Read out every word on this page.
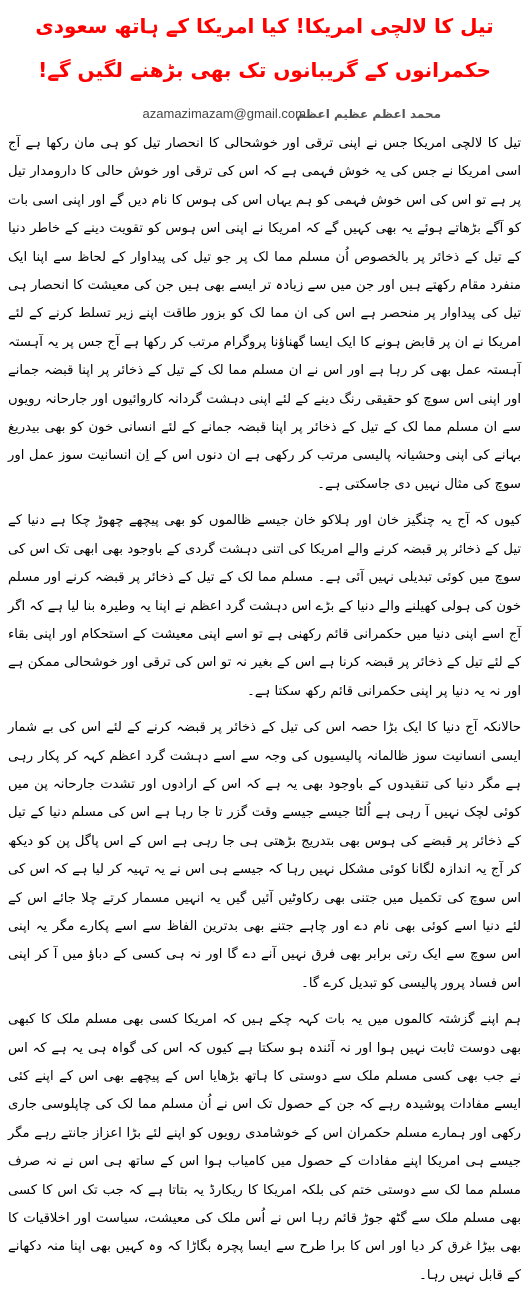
تیل کا لالچی امریکا! کیا امریکا کے ہاتھ سعودی حکمرانوں کے گریبانوں تک بھی بڑھنے لگیں گے!
محمد اعظم عظیم اعظم
azamazimazam@gmail.com

تیل کا لالچی امریکا جس نے اپنی ترقی اور خوشحالی کا انحصار تیل کو ہی مان رکھا ہے آج اسی امریکا نے جس کی یہ خوش فہمی ہے کہ اس کی ترقی اور خوش حالی کا دارومدار تیل پر ہے تو اس کی اس خوش فہمی کو ہم یہاں اس کی ہوس کا نام دیں گے اور اپنی اسی بات کو آگے بڑھاتے ہوئے یہ بھی کہیں گے کہ امریکا نے اپنی اس ہوس کو تقویت دینے کے خاطر دنیا کے تیل کے ذخائر پر بالخصوص اُن مسلم مما لک پر جو تیل کی پیداوار کے لحاظ سے اپنا ایک منفرد مقام رکھتے ہیں اور جن میں سے زیادہ تر ایسے بھی ہیں جن کی معیشت کا انحصار ہی تیل کی پیداوار پر منحصر ہے اس کی ان مما لک کو بزور طاقت اپنے زیر تسلط کرنے کے لئے امریکا نے ان پر قابض ہونے کا ایک ایسا گھناؤنا پروگرام مرتب کر رکھا ہے آج جس پر یہ آہستہ آہستہ عمل بھی کر رہا ہے اور اس نے ان مسلم مما لک کے تیل کے ذخائر پر اپنا قبضہ جمانے اور اپنی اس سوچ کو حقیقی رنگ دینے کے لئے اپنی دہشت گردانہ کاروائیوں اور جارحانہ رویوں سے ان مسلم مما لک کے تیل کے ذخائر پر اپنا قبضہ جمانے کے لئے انسانی خون کو بھی بیدریغ بہانے کی اپنی وحشیانہ پالیسی مرتب کر رکھی ہے ان دنوں اس کے اِن انسانیت سوز عمل اور سوچ کی مثال نہیں دی جاسکتی ہے۔

کیوں کہ آج یہ چنگیز خان اور ہلاکو خان جیسے ظالموں کو بھی پیچھے چھوڑ چکا ہے دنیا کے تیل کے ذخائر پر قبضہ کرنے والے امریکا کی اتنی دہشت گردی کے باوجود بھی ابھی تک اس کی سوچ میں کوئی تبدیلی نہیں آئی ہے۔ مسلم مما لک کے تیل کے ذخائر پر قبضہ کرنے اور مسلم خون کی ہولی کھیلنے والے دنیا کے بڑے اس دہشت گرد اعظم نے اپنا یہ وطیرہ بنا لیا ہے کہ اگر آج اسے اپنی دنیا میں حکمرانی قائم رکھنی ہے تو اسے اپنی معیشت کے استحکام اور اپنی بقاء کے لئے تیل کے ذخائر پر قبضہ کرنا ہے اس کے بغیر نہ تو اس کی ترقی اور خوشحالی ممکن ہے اور نہ یہ دنیا پر اپنی حکمرانی قائم رکھ سکتا ہے۔

حالانکہ آج دنیا کا ایک بڑا حصہ اس کی تیل کے ذخائر پر قبضہ کرنے کے لئے اس کی بے شمار ایسی انسانیت سوز ظالمانہ پالیسیوں کی وجہ سے اسے دہشت گرد اعظم کہہ کر پکار رہی ہے مگر دنیا کی تنقیدوں کے باوجود بھی یہ ہے کہ اس کے ارادوں اور تشدت جارحانہ پن میں کوئی لچک نہیں آ رہی ہے اُلٹا جیسے جیسے وقت گزر تا جا رہا ہے اس کی مسلم دنیا کے تیل کے ذخائر پر قبضے کی ہوس بھی بتدریج بڑھتی ہی جا رہی ہے اس کے اس پاگل پن کو دیکھ کر آج یہ اندازہ لگانا کوئی مشکل نہیں رہا کہ جیسے ہی اس نے یہ تہیہ کر لیا ہے کہ اس کی اس سوچ کی تکمیل میں جتنی بھی رکاوٹیں آئیں گیں یہ انہیں مسمار کرتے چلا جائے اس کے لئے دنیا اسے کوئی بھی نام دے اور چاہے جتنے بھی بدترین الفاظ سے اسے پکارے مگر یہ اپنی اس سوچ سے ایک رتی برابر بھی فرق نہیں آنے دے گا اور نہ ہی کسی کے دباؤ میں آ کر اپنی اس فساد پرور پالیسی کو تبدیل کرے گا۔

ہم اپنے گزشتہ کالموں میں یہ بات کہہ چکے ہیں کہ امریکا کسی بھی مسلم ملک کا کبھی بھی دوست ثابت نہیں ہوا اور نہ آئندہ ہو سکتا ہے کیوں کہ اس کی گواہ ہی یہ ہے کہ اس نے جب بھی کسی مسلم ملک سے دوستی کا ہاتھ بڑھایا اس کے پیچھے بھی اس کے اپنے کئی ایسے مفادات پوشیدہ رہے کہ جن کے حصول تک اس نے اُن مسلم مما لک کی چاپلوسی جاری رکھی اور ہمارے مسلم حکمران اس کے خوشامدی رویوں کو اپنے لئے بڑا اعزاز جانتے رہے مگر جیسے ہی امریکا اپنے مفادات کے حصول میں کامیاب ہوا اس کے ساتھ ہی اس نے نہ صرف مسلم مما لک سے دوستی ختم کی بلکہ امریکا کا ریکارڈ یہ بتاتا ہے کہ جب تک اس کا کسی بھی مسلم ملک سے گٹھ جوڑ قائم رہا اس نے اُس ملک کی معیشت، سیاست اور اخلاقیات کا بھی بیڑا غرق کر دیا اور اس کا برا طرح سے ایسا پچرہ بگاڑا کہ وہ کہیں بھی اپنا منہ دکھانے کے قابل نہیں رہا۔
